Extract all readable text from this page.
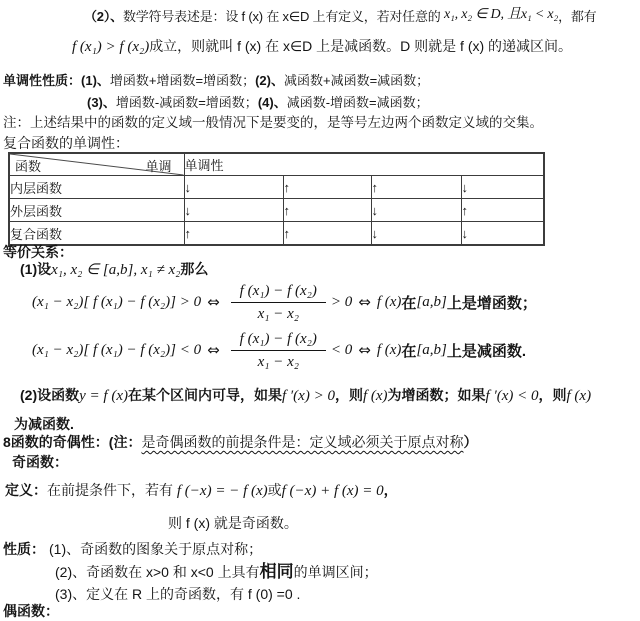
（2）、数学符号表述是：设 f (x) 在 x∈D 上有定义，若对任意的 x₁, x₂ ∈ D, 且x₁ < x₂，都有
f (x₁) > f (x₂)成立，则就叫 f (x) 在 x∈D 上是减函数。D 则就是 f (x) 的递减区间。
单调性性质：(1)、增函数+增函数=增函数；(2)、减函数+减函数=减函数；
(3)、增函数-减函数=增函数；(4)、减函数-增函数=减函数；
注：上述结果中的函数的定义域一般情况下是要变的，是等号左边两个函数定义域的交集。
复合函数的单调性：
函数 单调	单调性			
内层函数	↓	↑	↑	↓
外层函数	↓	↑	↓	↑
复合函数	↑	↑	↓	↓
等价关系：
(1)设x₁, x₂ ∈ [a,b], x₁ ≠ x₂那么
(x₁ − x₂)[ f (x₁) − f (x₂)] > 0 ⇔ $\frac{\text{f (x₁) − f (x₂)}}{\text{x₁ − x₂}} > 0$ ⇔ f (x) 在 [a,b] 上是增函数；
(x₁ − x₂)[ f (x₁) − f (x₂)] < 0 ⇔ $\frac{\text{f (x₁) − f (x₂)}}{\text{x₁ − x₂}} < 0$ ⇔ f (x) 在 [a,b] 上是减函数.
(2)设函数y = f (x)在某个区间内可导，如果f ′(x) > 0，则f (x)为增函数；如果f ′(x) < 0，则f (x)
为减函数.
8函数的奇偶性：(注：是奇偶函数的前提条件是：定义域必须关于原点对称）
奇函数：
定义：在前提条件下，若有 f (−x) = − f (x)或f (−x) + f (x) = 0，
则 f (x) 就是奇函数。
性质： (1)、奇函数的图象关于原点对称；
(2)、奇函数在 x>0 和 x<0 上具有相同的单调区间；
(3)、定义在 R 上的奇函数，有 f (0) =0 .
偶函数：
